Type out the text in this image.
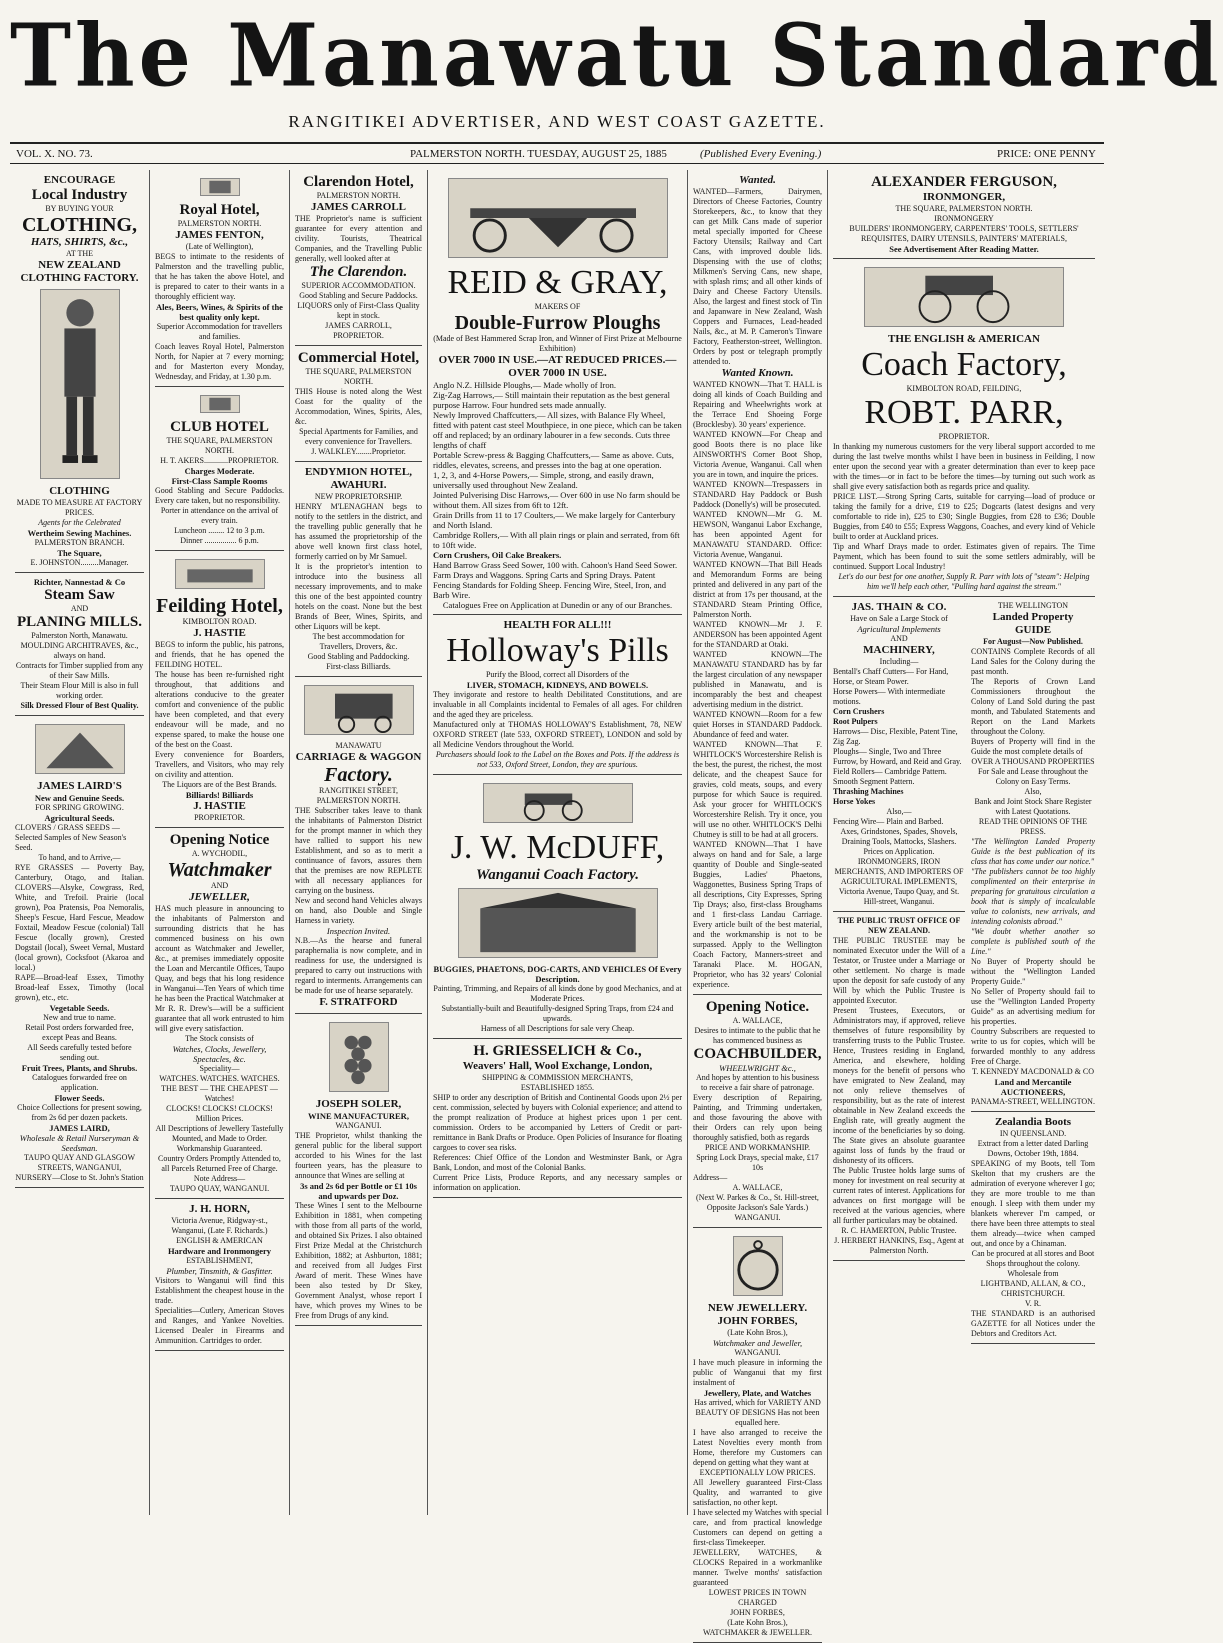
The Manawatu Standard
RANGITIKEI ADVERTISER, AND WEST COAST GAZETTE.
VOL. X. NO. 73.	PALMERSTON NORTH. TUESDAY, AUGUST 25, 1885	(Published Every Evening.)	PRICE: ONE PENNY
ENCOURAGE
Local Industry
BY BUYING YOUR
CLOTHING,
HATS, SHIRTS, &c.,
AT THE
NEW ZEALAND
CLOTHING FACTORY.
CLOTHING
MADE TO MEASURE AT FACTORY PRICES.
Agents for the Celebrated
Wertheim Sewing Machines.
PALMERSTON BRANCH.
The Square,
E. JOHNSTON.........Manager.
Richter, Nannestad & Co
Steam Saw
AND
PLANING MILLS.
Palmerston North, Manawatu.
MOULDING ARCHITRAVES, &c., always on hand.
Contracts for Timber supplied from any of their Saw Mills.
Their Steam Flour Mill is also in full working order.
Silk Dressed Flour of Best Quality.
JAMES LAIRD'S
New and Genuine Seeds.
FOR SPRING GROWING.
Agricultural Seeds.
CLOVERS / GRASS SEEDS — Selected Samples of New Season's Seed.
To hand, and to Arrive,—
RYE GRASSES — Poverty Bay, Canterbury, Otago, and Italian. CLOVERS—Alsyke, Cowgrass, Red, White, and Trefoil. Prairie (local grown), Poa Pratensis, Poa Nemoralis, Sheep's Fescue, Hard Fescue, Meadow Foxtail, Meadow Fescue (colonial) Tall Fescue (locally grown), Crested Dogstail (local), Sweet Vernal, Mustard (local grown), Cocksfoot (Akaroa and local.)
RAPE—Broad-leaf Essex, Timothy Broad-leaf Essex, Timothy (local grown), etc., etc.
Vegetable Seeds.
New and true to name.
Retail Post orders forwarded free, except Peas and Beans.
All Seeds carefully tested before sending out.
Fruit Trees, Plants, and Shrubs.
Catalogues forwarded free on application.
Flower Seeds.
Choice Collections for present sowing, from 2s 6d per dozen packets.
JAMES LAIRD,
Wholesale & Retail Nurseryman & Seedsman.
TAUPO QUAY AND GLASGOW STREETS, WANGANUI,
NURSERY—Close to St. John's Station
Royal Hotel,
PALMERSTON NORTH.
JAMES FENTON,
(Late of Wellington),
BEGS to intimate to the residents of Palmerston and the travelling public, that he has taken the above Hotel, and is prepared to cater to their wants in a thoroughly efficient way.
Ales, Beers, Wines, & Spirits of the best quality only kept.
Superior Accommodation for travellers and families.
Coach leaves Royal Hotel, Palmerston North, for Napier at 7 every morning; and for Masterton every Monday, Wednesday, and Friday, at 1.30 p.m.
CLUB HOTEL
THE SQUARE, PALMERSTON NORTH.
H. T. AKERS............PROPRIETOR.
Charges Moderate.
First-Class Sample Rooms
Good Stabling and Secure Paddocks. Every care taken, but no responsibility.
Porter in attendance on the arrival of every train.
Luncheon ........ 12 to 3 p.m.
Dinner ................ 6 p.m.
Feilding Hotel,
KIMBOLTON ROAD.
J. HASTIE
BEGS to inform the public, his patrons, and friends, that he has opened the FEILDING HOTEL.
The house has been re-furnished right throughout, that additions and alterations conducive to the greater comfort and convenience of the public have been completed, and that every endeavour will be made, and no expense spared, to make the house one of the best on the Coast.
Every convenience for Boarders, Travellers, and Visitors, who may rely on civility and attention.
The Liquors are of the Best Brands.
Billiards! Billiards
J. HASTIE
PROPRIETOR.
Opening Notice
A. WYCHODIL,
Watchmaker
AND
JEWELLER,
HAS much pleasure in announcing to the inhabitants of Palmerston and surrounding districts that he has commenced business on his own account as Watchmaker and Jeweller, &c., at premises immediately opposite the Loan and Mercantile Offices, Taupo Quay, and begs that his long residence in Wanganui—Ten Years of which time he has been the Practical Watchmaker at Mr R. R. Drew's—will be a sufficient guarantee that all work entrusted to him will give every satisfaction.
The Stock consists of
Watches, Clocks, Jewellery, Spectacles, &c.
Speciality—
WATCHES. WATCHES. WATCHES.
THE BEST — THE CHEAPEST — Watches!
CLOCKS! CLOCKS! CLOCKS! Million Prices.
All Descriptions of Jewellery Tastefully Mounted, and Made to Order.
Workmanship Guaranteed.
Country Orders Promptly Attended to, all Parcels Returned Free of Charge.
Note Address—
TAUPO QUAY, WANGANUI.
J. H. HORN,
Victoria Avenue, Ridgway-st., Wanganui, (Late F. Richards.)
ENGLISH & AMERICAN
Hardware and Ironmongery
ESTABLISHMENT,
Plumber, Tinsmith, & Gasfitter.
Visitors to Wanganui will find this Establishment the cheapest house in the trade.
Specialities—Cutlery, American Stoves and Ranges, and Yankee Novelties. Licensed Dealer in Firearms and Ammunition. Cartridges to order.
Clarendon Hotel,
PALMERSTON NORTH.
JAMES CARROLL
THE Proprietor's name is sufficient guarantee for every attention and civility. Tourists, Theatrical Companies, and the Travelling Public generally, well looked after at
The Clarendon.
SUPERIOR ACCOMMODATION.
Good Stabling and Secure Paddocks.
LIQUORS only of First-Class Quality kept in stock.
JAMES CARROLL,
PROPRIETOR.
Commercial Hotel,
THE SQUARE, PALMERSTON NORTH.
THIS House is noted along the West Coast for the quality of the Accommodation, Wines, Spirits, Ales, &c.
Special Apartments for Families, and every convenience for Travellers.
J. WALKLEY........Proprietor.
ENDYMION HOTEL, AWAHURI.
NEW PROPRIETORSHIP.
HENRY M'LENAGHAN begs to notify to the settlers in the district, and the travelling public generally that he has assumed the proprietorship of the above well known first class hotel, formerly carried on by Mr Samuel.
It is the proprietor's intention to introduce into the business all necessary improvements, and to make this one of the best appointed country hotels on the coast. None but the best Brands of Beer, Wines, Spirits, and other Liquors will be kept.
The best accommodation for Travellers, Drovers, &c.
Good Stabling and Paddocking.
First-class Billiards.
MANAWATU
CARRIAGE & WAGGON
Factory.
RANGITIKEI STREET, PALMERSTON NORTH.
THE Subscriber takes leave to thank the inhabitants of Palmerston District for the prompt manner in which they have rallied to support his new Establishment, and so as to merit a continuance of favors, assures them that the premises are now REPLETE with all necessary appliances for carrying on the business.
New and second hand Vehicles always on hand, also Double and Single Harness in variety.
Inspection Invited.
N.B.—As the hearse and funeral paraphernalia is now complete, and in readiness for use, the undersigned is prepared to carry out instructions with regard to interments. Arrangements can be made for use of hearse separately.
F. STRATFORD
JOSEPH SOLER,
WINE MANUFACTURER,
WANGANUI.
THE Proprietor, whilst thanking the general public for the liberal support accorded to his Wines for the last fourteen years, has the pleasure to announce that Wines are selling at
3s and 2s 6d per Bottle or £1 10s and upwards per Doz.
These Wines I sent to the Melbourne Exhibition in 1881, when competing with those from all parts of the world, and obtained Six Prizes. I also obtained First Prize Medal at the Christchurch Exhibition, 1882; at Ashburton, 1881; and received from all Judges First Award of merit. These Wines have been also tested by Dr Skey, Government Analyst, whose report I have, which proves my Wines to be Free from Drugs of any kind.
REID & GRAY,
MAKERS OF
Double-Furrow Ploughs
(Made of Best Hammered Scrap Iron, and Winner of First Prize at Melbourne Exhibition)
OVER 7000 IN USE.—AT REDUCED PRICES.—OVER 7000 IN USE.
Anglo N.Z. Hillside Ploughs,— Made wholly of Iron.
Zig-Zag Harrows,— Still maintain their reputation as the best general purpose Harrow. Four hundred sets made annually.
Newly Improved Chaffcutters,— All sizes, with Balance Fly Wheel, fitted with patent cast steel Mouthpiece, in one piece, which can be taken off and replaced; by an ordinary labourer in a few seconds. Cuts three lengths of chaff
Portable Screw-press & Bagging Chaffcutters,— Same as above. Cuts, riddles, elevates, screens, and presses into the bag at one operation.
1, 2, 3, and 4-Horse Powers,— Simple, strong, and easily drawn, universally used throughout New Zealand.
Jointed Pulverising Disc Harrows,— Over 600 in use No farm should be without them. All sizes from 6ft to 12ft.
Grain Drills from 11 to 17 Coulters,— We make largely for Canterbury and North Island.
Cambridge Rollers,— With all plain rings or plain and serrated, from 6ft to 10ft wide.
Corn Crushers, Oil Cake Breakers.
Hand Barrow Grass Seed Sower, 100 with. Cahoon's Hand Seed Sower. Farm Drays and Waggons. Spring Carts and Spring Drays. Patent Fencing Standards for Folding Sheep. Fencing Wire, Steel, Iron, and Barb Wire.
Catalogues Free on Application at Dunedin or any of our Branches.
HEALTH FOR ALL!!!
Holloway's Pills
Purify the Blood, correct all Disorders of the
LIVER, STOMACH, KIDNEYS, AND BOWELS.
They invigorate and restore to health Debilitated Constitutions, and are invaluable in all Complaints incidental to Females of all ages. For children and the aged they are priceless.
Manufactured only at THOMAS HOLLOWAY'S Establishment, 78, NEW OXFORD STREET (late 533, OXFORD STREET), LONDON and sold by all Medicine Vendors throughout the World.
Purchasers should look to the Label on the Boxes and Pots. If the address is not 533, Oxford Street, London, they are spurious.
J. W. McDUFF,
Wanganui Coach Factory.
BUGGIES, PHAETONS, DOG-CARTS, AND VEHICLES Of Every Description.
Painting, Trimming, and Repairs of all kinds done by good Mechanics, and at Moderate Prices.
Substantially-built and Beautifully-designed Spring Traps, from £24 and upwards.
Harness of all Descriptions for sale very Cheap.
H. GRIESSELICH & Co.,
Weavers' Hall, Wool Exchange, London,
SHIPPING & COMMISSION MERCHANTS,
ESTABLISHED 1855.
SHIP to order any description of British and Continental Goods upon 2½ per cent. commission, selected by buyers with Colonial experience; and attend to the prompt realization of Produce at highest prices upon 1 per cent. commission. Orders to be accompanied by Letters of Credit or part-remittance in Bank Drafts or Produce. Open Policies of Insurance for floating cargoes to cover sea risks.
References: Chief Office of the London and Westminster Bank, or Agra Bank, London, and most of the Colonial Banks.
Current Price Lists, Produce Reports, and any necessary samples or information on application.
Wanted.
WANTED—Farmers, Dairymen, Directors of Cheese Factories, Country Storekeepers, &c., to know that they can get Milk Cans made of superior metal specially imported for Cheese Factory Utensils; Railway and Cart Cans, with improved double lids. Dispensing with the use of cloths; Milkmen's Serving Cans, new shape, with splash rims; and all other kinds of Dairy and Cheese Factory Utensils. Also, the largest and finest stock of Tin and Japanware in New Zealand, Wash Coppers and Furnaces, Lead-headed Nails, &c., at M. P. Cameron's Tinware Factory, Featherston-street, Wellington. Orders by post or telegraph promptly attended to.
Wanted Known.
WANTED KNOWN—That T. HALL is doing all kinds of Coach Building and Repairing and Wheelwrights work at the Terrace End Shoeing Forge (Brocklesby). 30 years' experience.
WANTED KNOWN—For Cheap and good Boots there is no place like AINSWORTH'S Corner Boot Shop, Victoria Avenue, Wanganui. Call when you are in town, and inquire the prices.
WANTED KNOWN—Trespassers in STANDARD Hay Paddock or Bush Paddock (Donelly's) will be prosecuted.
WANTED KNOWN—Mr G. M. HEWSON, Wanganui Labor Exchange, has been appointed Agent for MANAWATU STANDARD. Office: Victoria Avenue, Wanganui.
WANTED KNOWN—That Bill Heads and Memorandum Forms are being printed and delivered in any part of the district at from 17s per thousand, at the STANDARD Steam Printing Office, Palmerston North.
WANTED KNOWN—Mr J. F. ANDERSON has been appointed Agent for the STANDARD at Otaki.
WANTED KNOWN—The MANAWATU STANDARD has by far the largest circulation of any newspaper published in Manawatu, and is incomparably the best and cheapest advertising medium in the district.
WANTED KNOWN—Room for a few quiet Horses in STANDARD Paddock. Abundance of feed and water.
WANTED KNOWN—That F. WHITLOCK'S Worcestershire Relish is the best, the purest, the richest, the most delicate, and the cheapest Sauce for gravies, cold meats, soups, and every purpose for which Sauce is required. Ask your grocer for WHITLOCK'S Worcestershire Relish. Try it once, you will use no other. WHITLOCK'S Delhi Chutney is still to be had at all grocers.
WANTED KNOWN—That I have always on hand and for Sale, a large quantity of Double and Single-seated Buggies, Ladies' Phaetons, Waggonettes, Business Spring Traps of all descriptions, City Expresses, Spring Tip Drays; also, first-class Broughams and 1 first-class Landau Carriage. Every article built of the best material, and the workmanship is not to be surpassed. Apply to the Wellington Coach Factory, Manners-street and Taranaki Place. M. HOGAN, Proprietor, who has 32 years' Colonial experience.
Opening Notice.
A. WALLACE,
Desires to intimate to the public that he has commenced business as
COACHBUILDER,
WHEELWRIGHT &c.,
And hopes by attention to his business to receive a fair share of patronage.
Every description of Repairing, Painting, and Trimming undertaken, and those favouring the above with their Orders can rely upon being thoroughly satisfied, both as regards
PRICE AND WORKMANSHIP.
Spring Lock Drays, special make, £17 10s
Address—
A. WALLACE,
(Next W. Parkes & Co., St. Hill-street, Opposite Jackson's Sale Yards.)
WANGANUI.
NEW JEWELLERY.
JOHN FORBES,
(Late Kohn Bros.),
Watchmaker and Jeweller,
WANGANUI.
I have much pleasure in informing the public of Wanganui that my first instalment of
Jewellery, Plate, and Watches
Has arrived, which for VARIETY AND BEAUTY OF DESIGNS Has not been equalled here.
I have also arranged to receive the Latest Novelties every month from Home, therefore my Customers can depend on getting what they want at
EXCEPTIONALLY LOW PRICES.
All Jewellery guaranteed First-Class Quality, and warranted to give satisfaction, no other kept.
I have selected my Watches with special care, and from practical knowledge Customers can depend on getting a first-class Timekeeper.
JEWELLERY, WATCHES, & CLOCKS Repaired in a workmanlike manner. Twelve months' satisfaction guaranteed
LOWEST PRICES IN TOWN CHARGED
JOHN FORBES,
(Late Kohn Bros.),
WATCHMAKER & JEWELLER.
ALEXANDER FERGUSON,
IRONMONGER,
THE SQUARE, PALMERSTON NORTH.
IRONMONGERY
BUILDERS' IRONMONGERY, CARPENTERS' TOOLS, SETTLERS' REQUISITES, DAIRY UTENSILS, PAINTERS' MATERIALS,
See Advertisement After Reading Matter.
THE ENGLISH & AMERICAN
Coach Factory,
KIMBOLTON ROAD, FEILDING,
ROBT. PARR,
PROPRIETOR.
In thanking my numerous customers for the very liberal support accorded to me during the last twelve months whilst I have been in business in Feilding, I now enter upon the second year with a greater determination than ever to keep pace with the times—or in fact to be before the times—by turning out such work as shall give every satisfaction both as regards price and quality.
PRICE LIST.—Strong Spring Carts, suitable for carrying—load of produce or taking the family for a drive, £19 to £25; Dogcarts (latest designs and very comfortable to ride in), £25 to £30; Single Buggies, from £28 to £36; Double Buggies, from £40 to £55; Express Waggons, Coaches, and every kind of Vehicle built to order at Auckland prices.
Tip and Wharf Drays made to order. Estimates given of repairs. The Time Payment, which has been found to suit the some settlers admirably, will be continued. Support Local Industry!
Let's do our best for one another, Supply R. Parr with lots of "steam": Helping him we'll help each other, "Pulling hard against the stream."
JAS. THAIN & CO.
Have on Sale a Large Stock of
Agricultural Implements
AND
MACHINERY,
Including—
Bentall's Chaff Cutters— For Hand, Horse, or Steam Power.
Horse Powers— With intermediate motions.
Corn Crushers
Root Pulpers
Harrows— Disc, Flexible, Patent Tine, Zig Zag.
Ploughs— Single, Two and Three Furrow, by Howard, and Reid and Gray.
Field Rollers— Cambridge Pattern. Smooth Segment Pattern.
Thrashing Machines
Horse Yokes
Also,—
Fencing Wire— Plain and Barbed.
Axes, Grindstones, Spades, Shovels, Draining Tools, Mattocks, Slashers.
Prices on Application.
IRONMONGERS, IRON MERCHANTS, AND IMPORTERS OF
AGRICULTURAL IMPLEMENTS,
Victoria Avenue, Taupo Quay, and St. Hill-street, Wanganui.
THE PUBLIC TRUST OFFICE OF NEW ZEALAND.
THE PUBLIC TRUSTEE may be nominated Executor under the Will of a Testator, or Trustee under a Marriage or other settlement. No charge is made upon the deposit for safe custody of any Will by which the Public Trustee is appointed Executor.
Present Trustees, Executors, or Administrators may, if approved, relieve themselves of future responsibility by transferring trusts to the Public Trustee. Hence, Trustees residing in England, America, and elsewhere, holding moneys for the benefit of persons who have emigrated to New Zealand, may not only relieve themselves of responsibility, but as the rate of interest obtainable in New Zealand exceeds the English rate, will greatly augment the income of the beneficiaries by so doing. The State gives an absolute guarantee against loss of funds by the fraud or dishonesty of its officers.
The Public Trustee holds large sums of money for investment on real security at current rates of interest. Applications for advances on first mortgage will be received at the various agencies, where all further particulars may be obtained.
R. C. HAMERTON, Public Trustee.
J. HERBERT HANKINS, Esq., Agent at Palmerston North.
THE WELLINGTON
Landed Property
GUIDE
For August—Now Published.
CONTAINS Complete Records of all Land Sales for the Colony during the past month.
The Reports of Crown Land Commissioners throughout the Colony of Land Sold during the past month, and Tabulated Statements and Report on the Land Markets throughout the Colony.
Buyers of Property will find in the Guide the most complete details of
OVER A THOUSAND PROPERTIES For Sale and Lease throughout the Colony on Easy Terms.
Also,
Bank and Joint Stock Share Register with Latest Quotations.
READ THE OPINIONS OF THE PRESS.
"The Wellington Landed Property Guide is the best publication of its class that has come under our notice."
"The publishers cannot be too highly complimented on their enterprise in preparing for gratuitous circulation a book that is simply of incalculable value to colonists, new arrivals, and intending colonists abroad."
"We doubt whether another so complete is published south of the Line."
No Buyer of Property should be without the "Wellington Landed Property Guide."
No Seller of Property should fail to use the "Wellington Landed Property Guide" as an advertising medium for his properties.
Country Subscribers are requested to write to us for copies, which will be forwarded monthly to any address Free of Charge.
T. KENNEDY MACDONALD & CO
Land and Mercantile
AUCTIONEERS,
PANAMA-STREET, WELLINGTON.
Zealandia Boots
IN QUEENSLAND.
Extract from a letter dated Darling Downs, October 19th, 1884.
SPEAKING of my Boots, tell Tom Skelton that my crushers are the admiration of everyone wherever I go; they are more trouble to me than enough. I sleep with them under my blankets wherever I'm camped, or there have been three attempts to steal them already—twice when camped out, and once by a Chinaman.
Can be procured at all stores and Boot Shops throughout the colony. Wholesale from
LIGHTBAND, ALLAN, & CO., CHRISTCHURCH.
V. R.
THE STANDARD is an authorised GAZETTE for all Notices under the Debtors and Creditors Act.
